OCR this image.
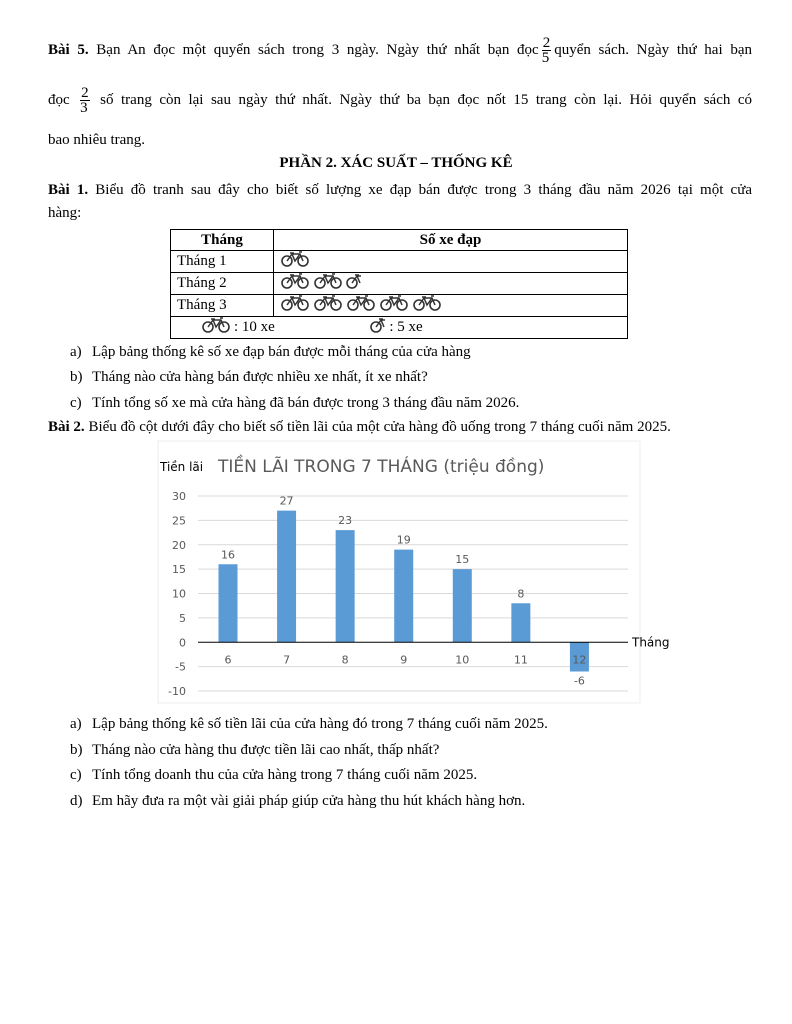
Bài 5. Bạn An đọc một quyển sách trong 3 ngày. Ngày thứ nhất bạn đọc $\frac{2}{5}$ quyển sách. Ngày thứ hai bạn
đọc $\frac{2}{3}$ số trang còn lại sau ngày thứ nhất. Ngày thứ ba bạn đọc nốt 15 trang còn lại. Hỏi quyển sách có
bao nhiêu trang.
PHẦN 2. XÁC SUẤT – THỐNG KÊ
Bài 1. Biểu đồ tranh sau đây cho biết số lượng xe đạp bán được trong 3 tháng đầu năm 2026 tại một cửa
hàng:
Tháng	Số xe đạp
Tháng 1	
Tháng 2	
Tháng 3	
: 10 xe : 5 xe	
a) Lập bảng thống kê số xe đạp bán được mỗi tháng của cửa hàng
b) Tháng nào cửa hàng bán được nhiều xe nhất, ít xe nhất?
c) Tính tổng số xe mà cửa hàng đã bán được trong 3 tháng đầu năm 2026.
Bài 2. Biểu đồ cột dưới đây cho biết số tiền lãi của một cửa hàng đồ uống trong 7 tháng cuối năm 2025.
30
25
20
15
10
5
0
-5
-10
16
27
23
19
15
8
-6
6	7	8	9	10	11	12
Tiền lãi TIỀN LÃI TRONG 7 THÁNG (triệu đồng)
Tháng
a) Lập bảng thống kê số tiền lãi của cửa hàng đó trong 7 tháng cuối năm 2025.
b) Tháng nào cửa hàng thu được tiền lãi cao nhất, thấp nhất?
c) Tính tổng doanh thu của cửa hàng trong 7 tháng cuối năm 2025.
d) Em hãy đưa ra một vài giải pháp giúp cửa hàng thu hút khách hàng hơn.
